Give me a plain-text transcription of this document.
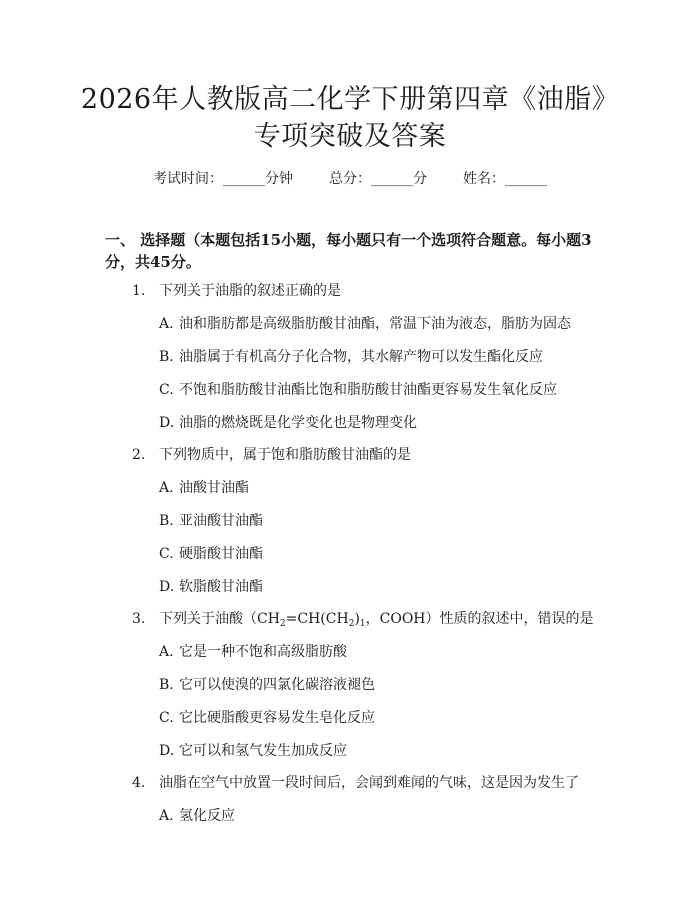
2026年人教版高二化学下册第四章《油脂》
专项突破及答案
考试时间：______分钟	总分：______分	姓名：______
一、 选择题（本题包括15小题，每小题只有一个选项符合题意。每小题3分，共45分。
1. 下列关于油脂的叙述正确的是
A. 油和脂肪都是高级脂肪酸甘油酯，常温下油为液态，脂肪为固态
B. 油脂属于有机高分子化合物，其水解产物可以发生酯化反应
C. 不饱和脂肪酸甘油酯比饱和脂肪酸甘油酯更容易发生氧化反应
D. 油脂的燃烧既是化学变化也是物理变化
2. 下列物质中，属于饱和脂肪酸甘油酯的是
A. 油酸甘油酯
B. 亚油酸甘油酯
C. 硬脂酸甘油酯
D. 软脂酸甘油酯
3. 下列关于油酸（$CH_2=CH(CH_2)_1$，COOH）性质的叙述中，错误的是
A. 它是一种不饱和高级脂肪酸
B. 它可以使溴的四氯化碳溶液褪色
C. 它比硬脂酸更容易发生皂化反应
D. 它可以和氢气发生加成反应
4. 油脂在空气中放置一段时间后，会闻到难闻的气味，这是因为发生了
A. 氢化反应
